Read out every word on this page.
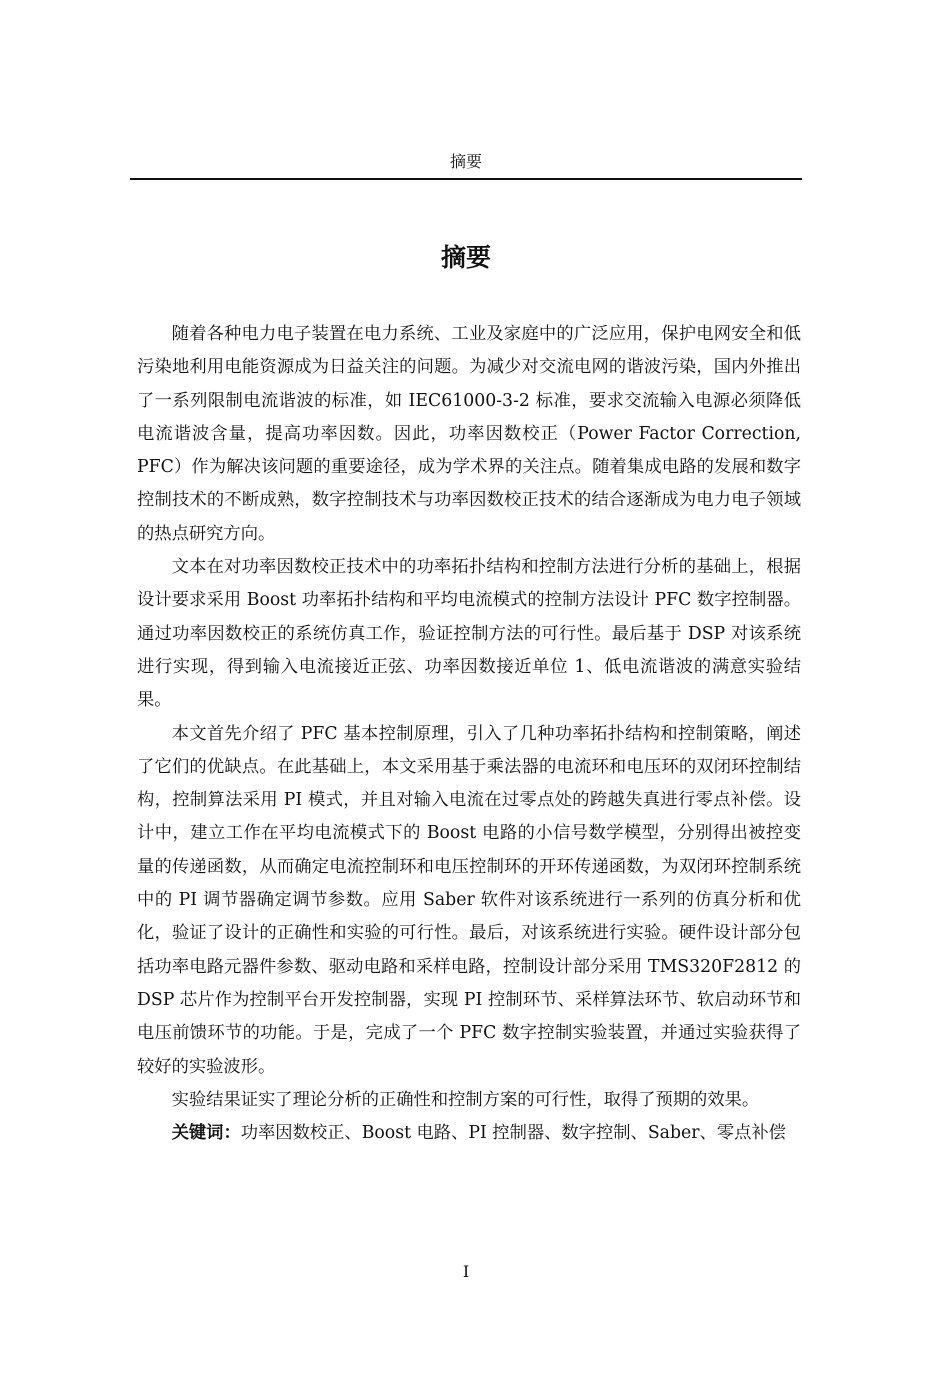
摘要
摘要

随着各种电力电子装置在电力系统、工业及家庭中的广泛应用，保护电网安全和低污染地利用电能资源成为日益关注的问题。为减少对交流电网的谐波污染，国内外推出了一系列限制电流谐波的标准，如 IEC61000-3-2 标准，要求交流输入电源必须降低电流谐波含量，提高功率因数。因此，功率因数校正（Power Factor Correction, PFC）作为解决该问题的重要途径，成为学术界的关注点。随着集成电路的发展和数字控制技术的不断成熟，数字控制技术与功率因数校正技术的结合逐渐成为电力电子领域的热点研究方向。

文本在对功率因数校正技术中的功率拓扑结构和控制方法进行分析的基础上，根据设计要求采用 Boost 功率拓扑结构和平均电流模式的控制方法设计 PFC 数字控制器。通过功率因数校正的系统仿真工作，验证控制方法的可行性。最后基于 DSP 对该系统进行实现，得到输入电流接近正弦、功率因数接近单位 1、低电流谐波的满意实验结果。

本文首先介绍了 PFC 基本控制原理，引入了几种功率拓扑结构和控制策略，阐述了它们的优缺点。在此基础上，本文采用基于乘法器的电流环和电压环的双闭环控制结构，控制算法采用 PI 模式，并且对输入电流在过零点处的跨越失真进行零点补偿。设计中，建立工作在平均电流模式下的 Boost 电路的小信号数学模型，分别得出被控变量的传递函数，从而确定电流控制环和电压控制环的开环传递函数，为双闭环控制系统中的 PI 调节器确定调节参数。应用 Saber 软件对该系统进行一系列的仿真分析和优化，验证了设计的正确性和实验的可行性。最后，对该系统进行实验。硬件设计部分包括功率电路元器件参数、驱动电路和采样电路，控制设计部分采用 TMS320F2812 的 DSP 芯片作为控制平台开发控制器，实现 PI 控制环节、采样算法环节、软启动环节和电压前馈环节的功能。于是，完成了一个 PFC 数字控制实验装置，并通过实验获得了较好的实验波形。

实验结果证实了理论分析的正确性和控制方案的可行性，取得了预期的效果。

关键词：功率因数校正、Boost 电路、PI 控制器、数字控制、Saber、零点补偿

I
